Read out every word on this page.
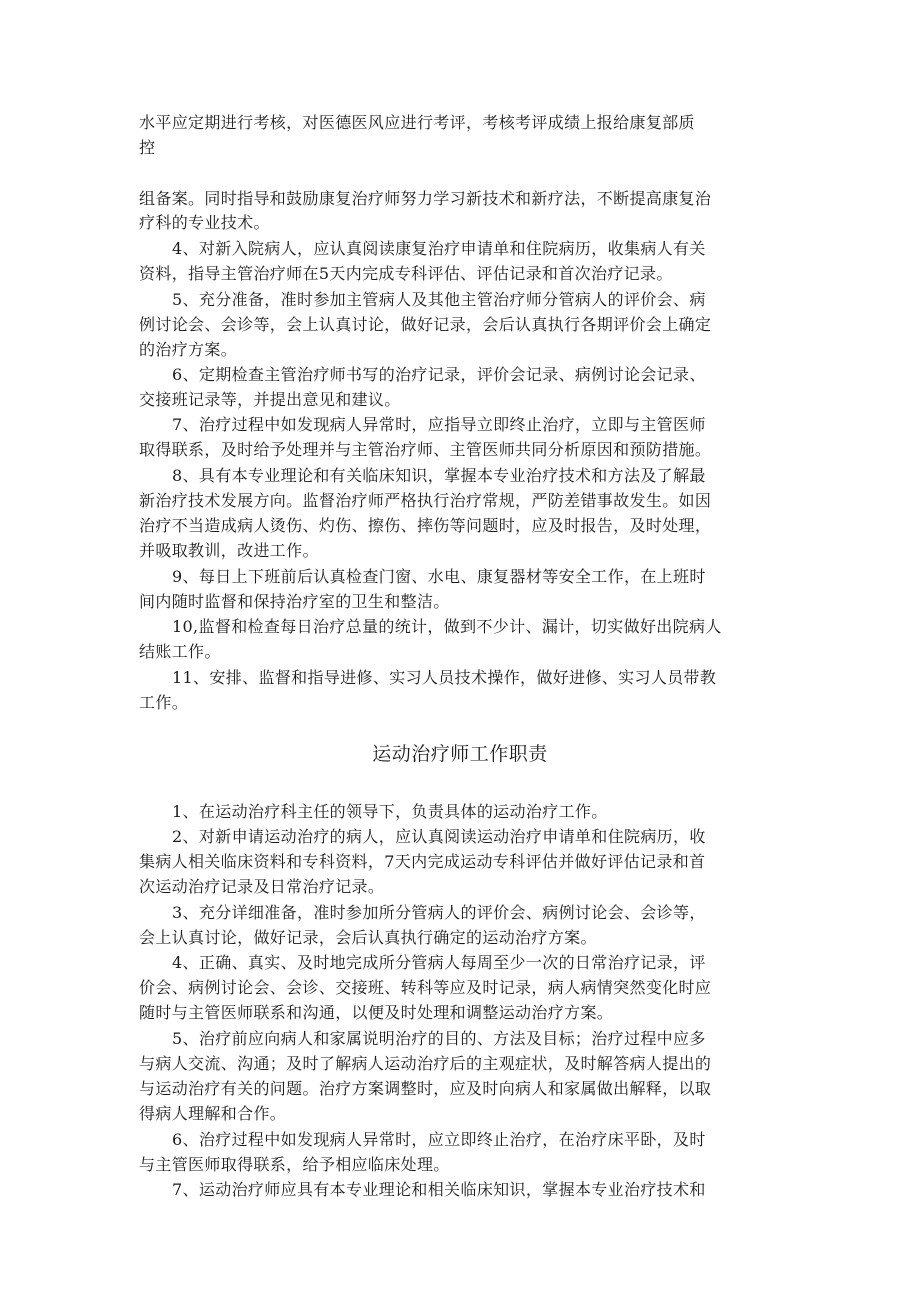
水平应定期进行考核，对医德医风应进行考评，考核考评成绩上报给康复部质
控
组备案。同时指导和鼓励康复治疗师努力学习新技术和新疗法，不断提高康复治
疗科的专业技术。
4、对新入院病人，应认真阅读康复治疗申请单和住院病历，收集病人有关
资料，指导主管治疗师在5天内完成专科评估、评估记录和首次治疗记录。
5、充分准备，准时参加主管病人及其他主管治疗师分管病人的评价会、病
例讨论会、会诊等，会上认真讨论，做好记录，会后认真执行各期评价会上确定
的治疗方案。
6、定期检查主管治疗师书写的治疗记录，评价会记录、病例讨论会记录、
交接班记录等，并提出意见和建议。
7、治疗过程中如发现病人异常时，应指导立即终止治疗，立即与主管医师
取得联系，及时给予处理并与主管治疗师、主管医师共同分析原因和预防措施。
8、具有本专业理论和有关临床知识，掌握本专业治疗技术和方法及了解最
新治疗技术发展方向。监督治疗师严格执行治疗常规，严防差错事故发生。如因
治疗不当造成病人烫伤、灼伤、擦伤、摔伤等问题时，应及时报告，及时处理，
并吸取教训，改进工作。
9、每日上下班前后认真检查门窗、水电、康复器材等安全工作，在上班时
间内随时监督和保持治疗室的卫生和整洁。
10,监督和检查每日治疗总量的统计，做到不少计、漏计，切实做好出院病人
结账工作。
11、安排、监督和指导进修、实习人员技术操作，做好进修、实习人员带教
工作。
运动治疗师工作职责
1、在运动治疗科主任的领导下，负责具体的运动治疗工作。
2、对新申请运动治疗的病人，应认真阅读运动治疗申请单和住院病历，收
集病人相关临床资料和专科资料，7天内完成运动专科评估并做好评估记录和首
次运动治疗记录及日常治疗记录。
3、充分详细准备，准时参加所分管病人的评价会、病例讨论会、会诊等，
会上认真讨论，做好记录，会后认真执行确定的运动治疗方案。
4、正确、真实、及时地完成所分管病人每周至少一次的日常治疗记录，评
价会、病例讨论会、会诊、交接班、转科等应及时记录，病人病情突然变化时应
随时与主管医师联系和沟通，以便及时处理和调整运动治疗方案。
5、治疗前应向病人和家属说明治疗的目的、方法及目标；治疗过程中应多
与病人交流、沟通；及时了解病人运动治疗后的主观症状，及时解答病人提出的
与运动治疗有关的问题。治疗方案调整时，应及时向病人和家属做出解释，以取
得病人理解和合作。
6、治疗过程中如发现病人异常时，应立即终止治疗，在治疗床平卧，及时
与主管医师取得联系，给予相应临床处理。
7、运动治疗师应具有本专业理论和相关临床知识，掌握本专业治疗技术和
